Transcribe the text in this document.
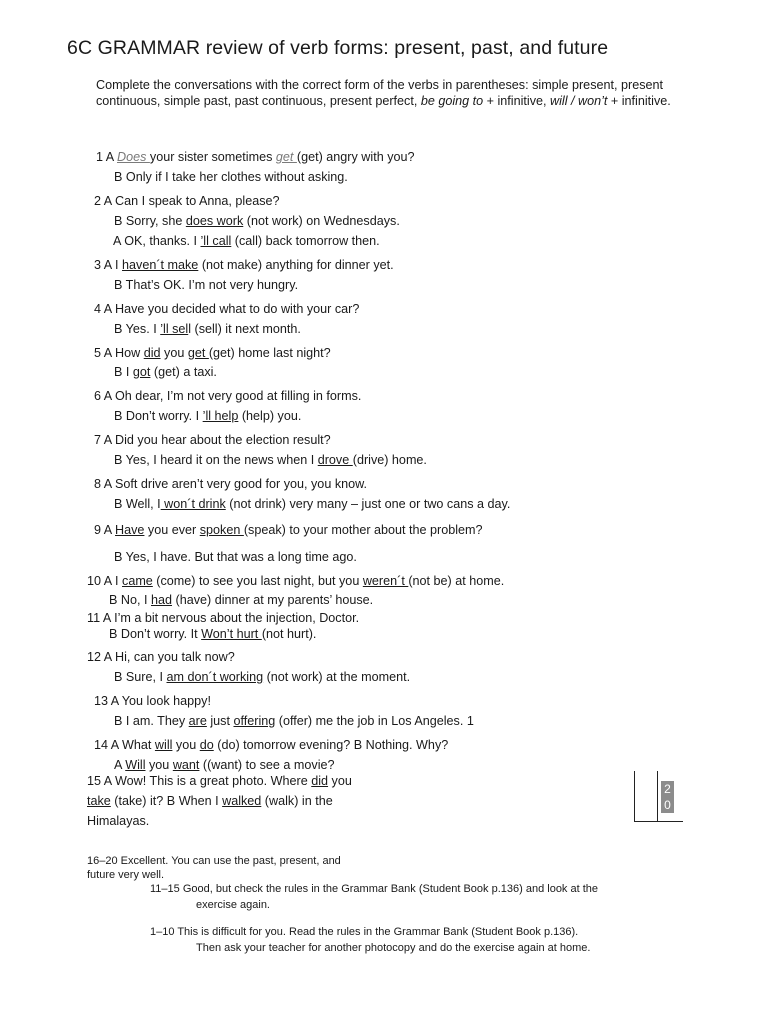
6C GRAMMAR review of verb forms: present, past, and future
Complete the conversations with the correct form of the verbs in parentheses: simple present, present continuous, simple past, past continuous, present perfect, be going to + infinitive, will / won’t + infinitive.
1 A Does your sister sometimes get (get) angry with you?
B Only if I take her clothes without asking.
2 A Can I speak to Anna, please?
B Sorry, she does work (not work) on Wednesdays.
A OK, thanks. I ’ll call (call) back tomorrow then.
3 A I haven´t make (not make) anything for dinner yet.
B That’s OK. I’m not very hungry.
4 A Have you decided what to do with your car?
B Yes. I ’ll sell (sell) it next month.
5 A How did you get (get) home last night?
B I got (get) a taxi.
6 A Oh dear, I’m not very good at filling in forms.
B Don’t worry. I ’ll help (help) you.
7 A Did you hear about the election result?
B Yes, I heard it on the news when I drove (drive) home.
8 A Soft drive aren’t very good for you, you know.
B Well, I won´t drink (not drink) very many – just one or two cans a day.
9 A Have you ever spoken (speak) to your mother about the problem?
B Yes, I have. But that was a long time ago.
10 A I came (come) to see you last night, but you weren´t (not be) at home.
B No, I had (have) dinner at my parents’ house.
11 A I’m a bit nervous about the injection, Doctor.
B Don’t worry. It Won’t hurt (not hurt).
12 A Hi, can you talk now?
B Sure, I am don´t working (not work) at the moment.
13 A You look happy!
B I am. They are just offering (offer) me the job in Los Angeles. 1
14 A What will you do (do) tomorrow evening? B Nothing. Why?
A Will you want ((want) to see a movie?
15 A Wow! This is a great photo. Where did you
take (take) it? B When I walked (walk) in the
Himalayas.
20
16–20 Excellent. You can use the past, present, and
future very well.
11–15 Good, but check the rules in the Grammar Bank (Student Book p.136) and look at the
exercise again.
1–10 This is difficult for you. Read the rules in the Grammar Bank (Student Book p.136).
Then ask your teacher for another photocopy and do the exercise again at home.
